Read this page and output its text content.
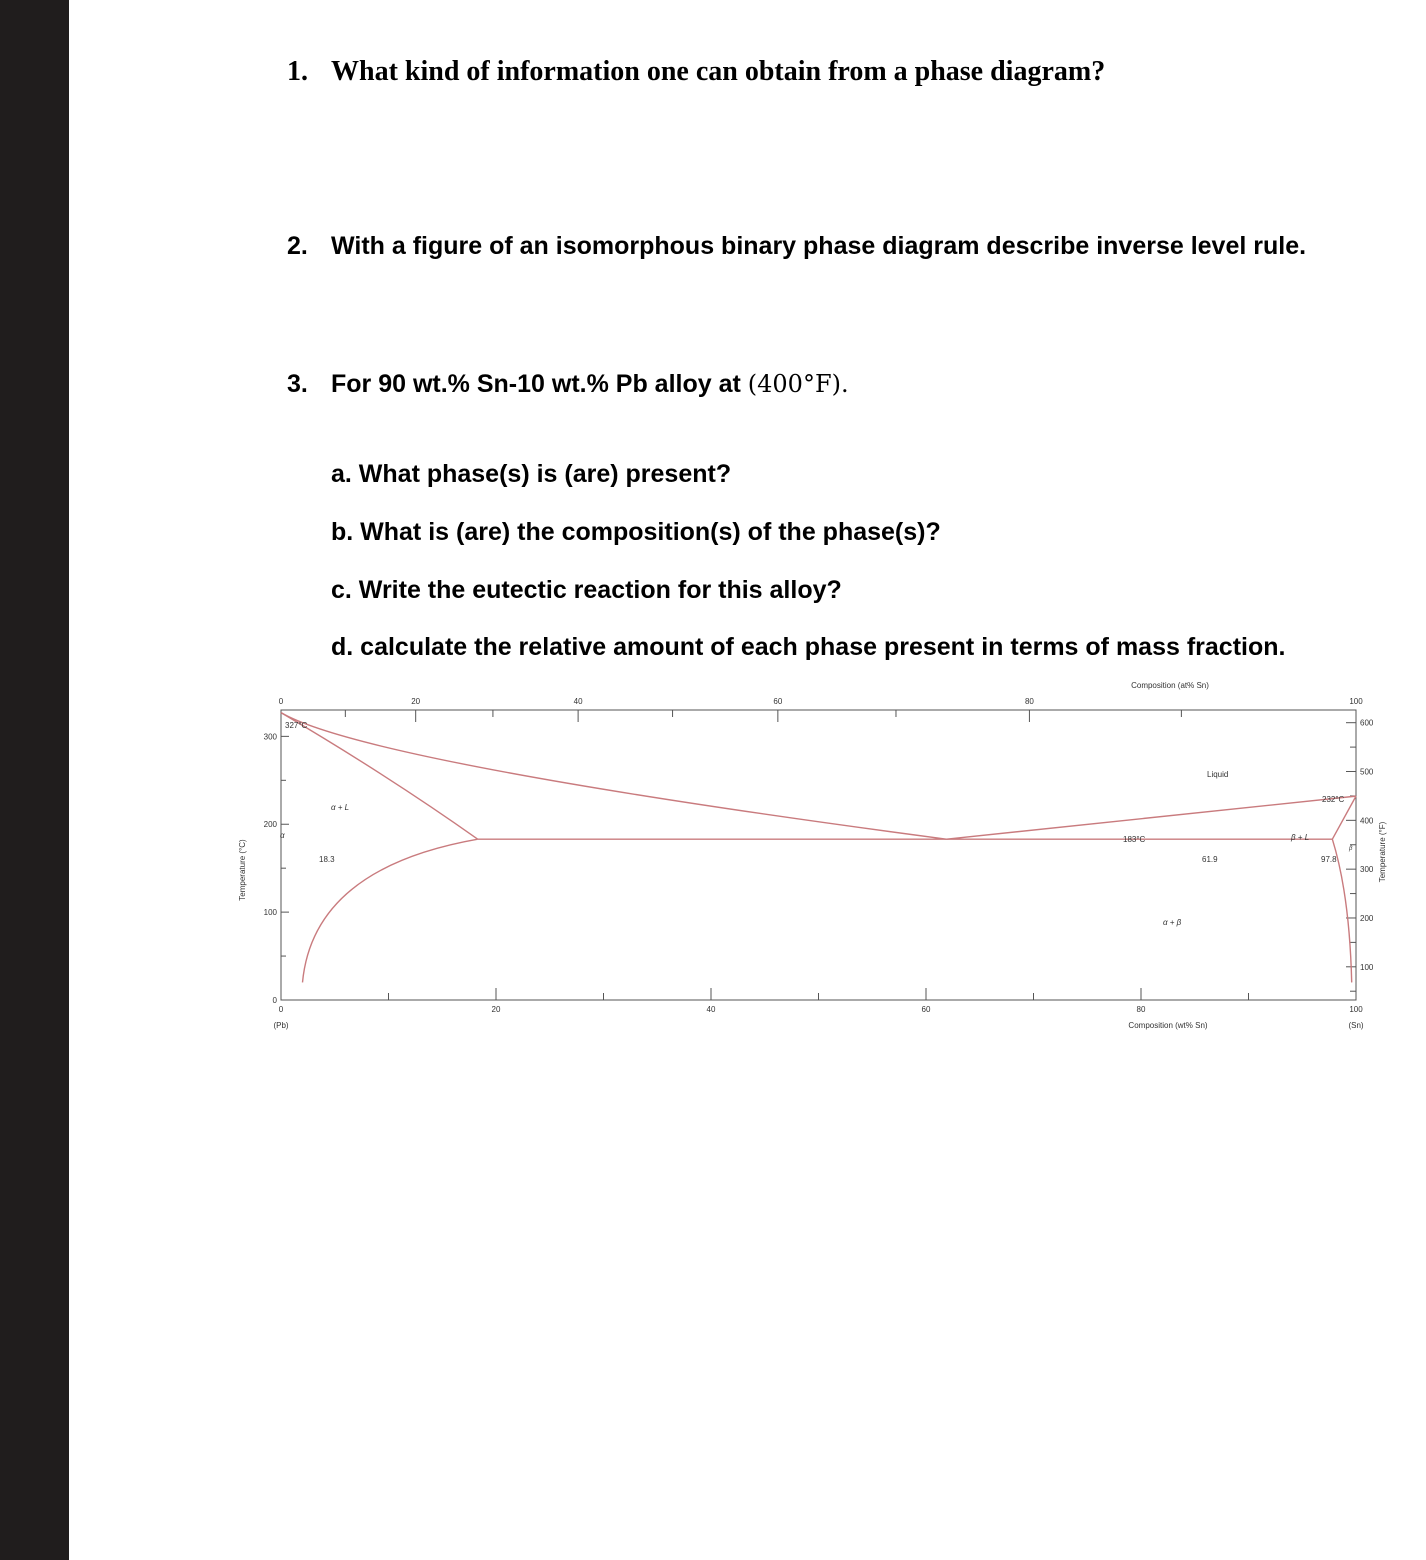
1. What kind of information one can obtain from a phase diagram?

2. With a figure of an isomorphous binary phase diagram describe inverse level rule.

3. For 90 wt.% Sn-10 wt.% Pb alloy at (400°F).

a. What phase(s) is (are) present?

b. What is (are) the composition(s) of the phase(s)?

c. Write the eutectic reaction for this alloy?

d. calculate the relative amount of each phase present in terms of mass fraction.

0	20	40	60	80	100
0	20	40	60	80	100
0
100
200
300
100
200
300
400
500
600
Composition (at% Sn)
Composition (wt% Sn)
(Pb)	(Sn)
Temperature (°C)	Temperature (°F)
327°C
232°C
183°C
18.3	61.9	97.8
Liquid
α
α + L
β + L
α + β
β
